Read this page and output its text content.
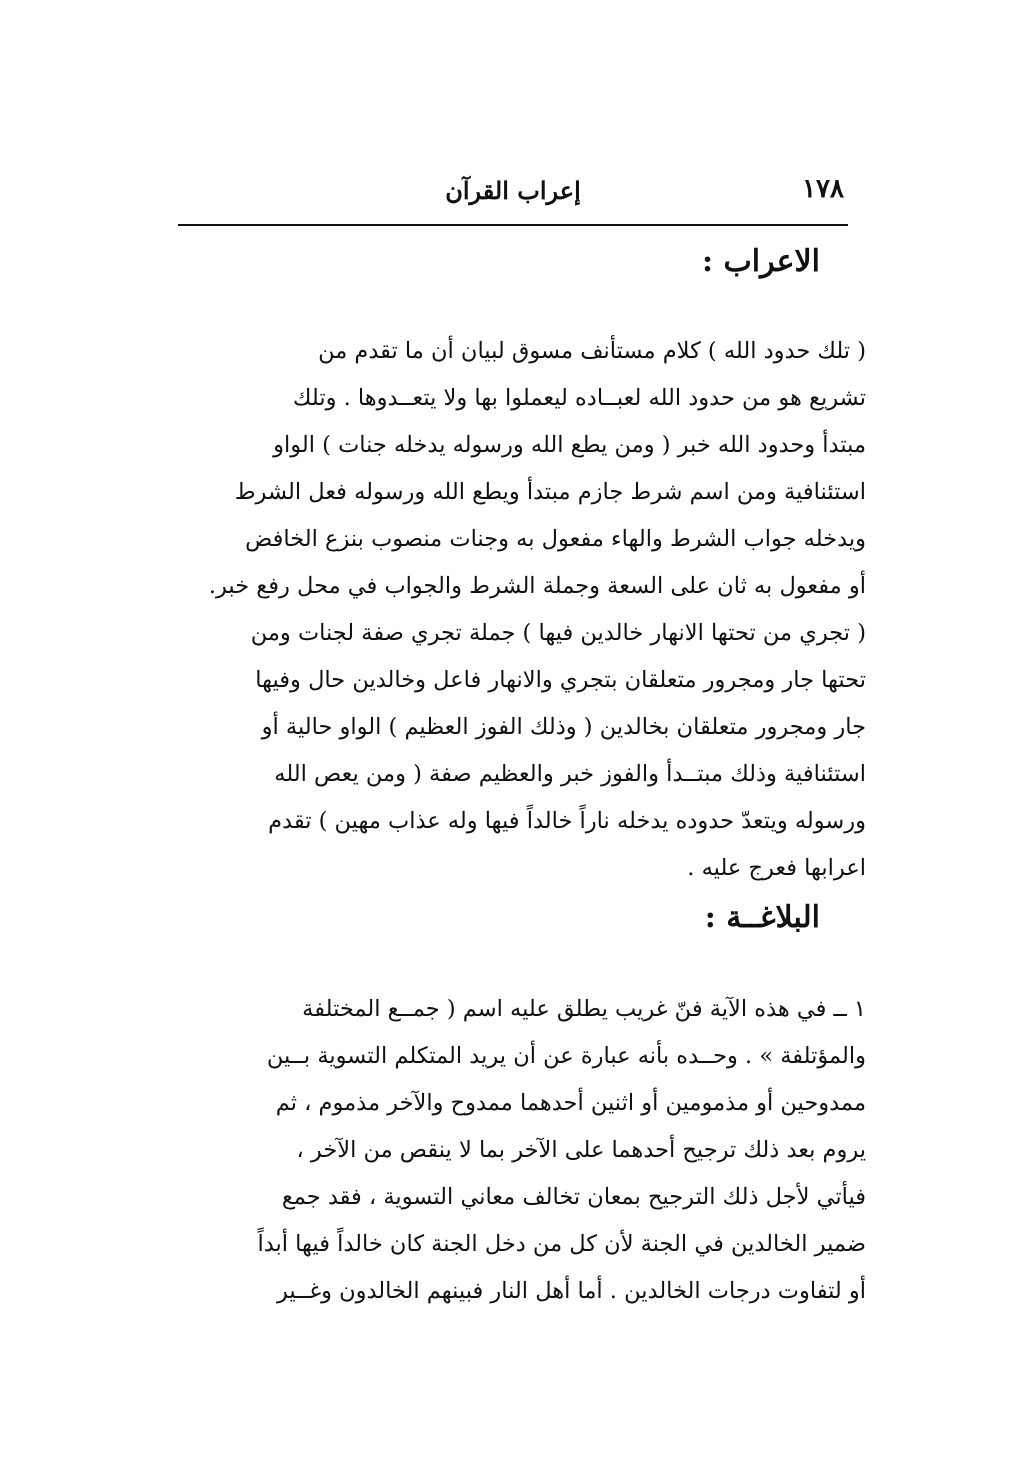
١٧٨
إعراب القرآن
الاعراب :
( تلك حدود الله ) كلام مستأنف مسوق لبيان أن ما تقدم من
تشريع هو من حدود الله لعبــاده ليعملوا بها ولا يتعــدوها . وتلك
مبتدأ وحدود الله خبر ( ومن يطع الله ورسوله يدخله جنات ) الواو
استئنافية ومن اسم شرط جازم مبتدأ ويطع الله ورسوله فعل الشرط
ويدخله جواب الشرط والهاء مفعول به وجنات منصوب بنزع الخافض
أو مفعول به ثان على السعة وجملة الشرط والجواب في محل رفع خبر.
( تجري من تحتها الانهار خالدين فيها ) جملة تجري صفة لجنات ومن
تحتها جار ومجرور متعلقان بتجري والانهار فاعل وخالدين حال وفيها
جار ومجرور متعلقان بخالدين ( وذلك الفوز العظيم ) الواو حالية أو
استئنافية وذلك مبتــدأ والفوز خبر والعظيم صفة ( ومن يعص الله
ورسوله ويتعدّ حدوده يدخله ناراً خالداً فيها وله عذاب مهين ) تقدم
اعرابها فعرج عليه .
البلاغــة :
١ ــ في هذه الآية فنّ غريب يطلق عليه اسم ( جمــع المختلفة
والمؤتلفة » . وحــده بأنه عبارة عن أن يريد المتكلم التسوية بــين
ممدوحين أو مذمومين أو اثنين أحدهما ممدوح والآخر مذموم ، ثم
يروم بعد ذلك ترجيح أحدهما على الآخر بما لا ينقص من الآخر ،
فيأتي لأجل ذلك الترجيح بمعان تخالف معاني التسوية ، فقد جمع
ضمير الخالدين في الجنة لأن كل من دخل الجنة كان خالداً فيها أبداً
أو لتفاوت درجات الخالدين . أما أهل النار فبينهم الخالدون وغــير
